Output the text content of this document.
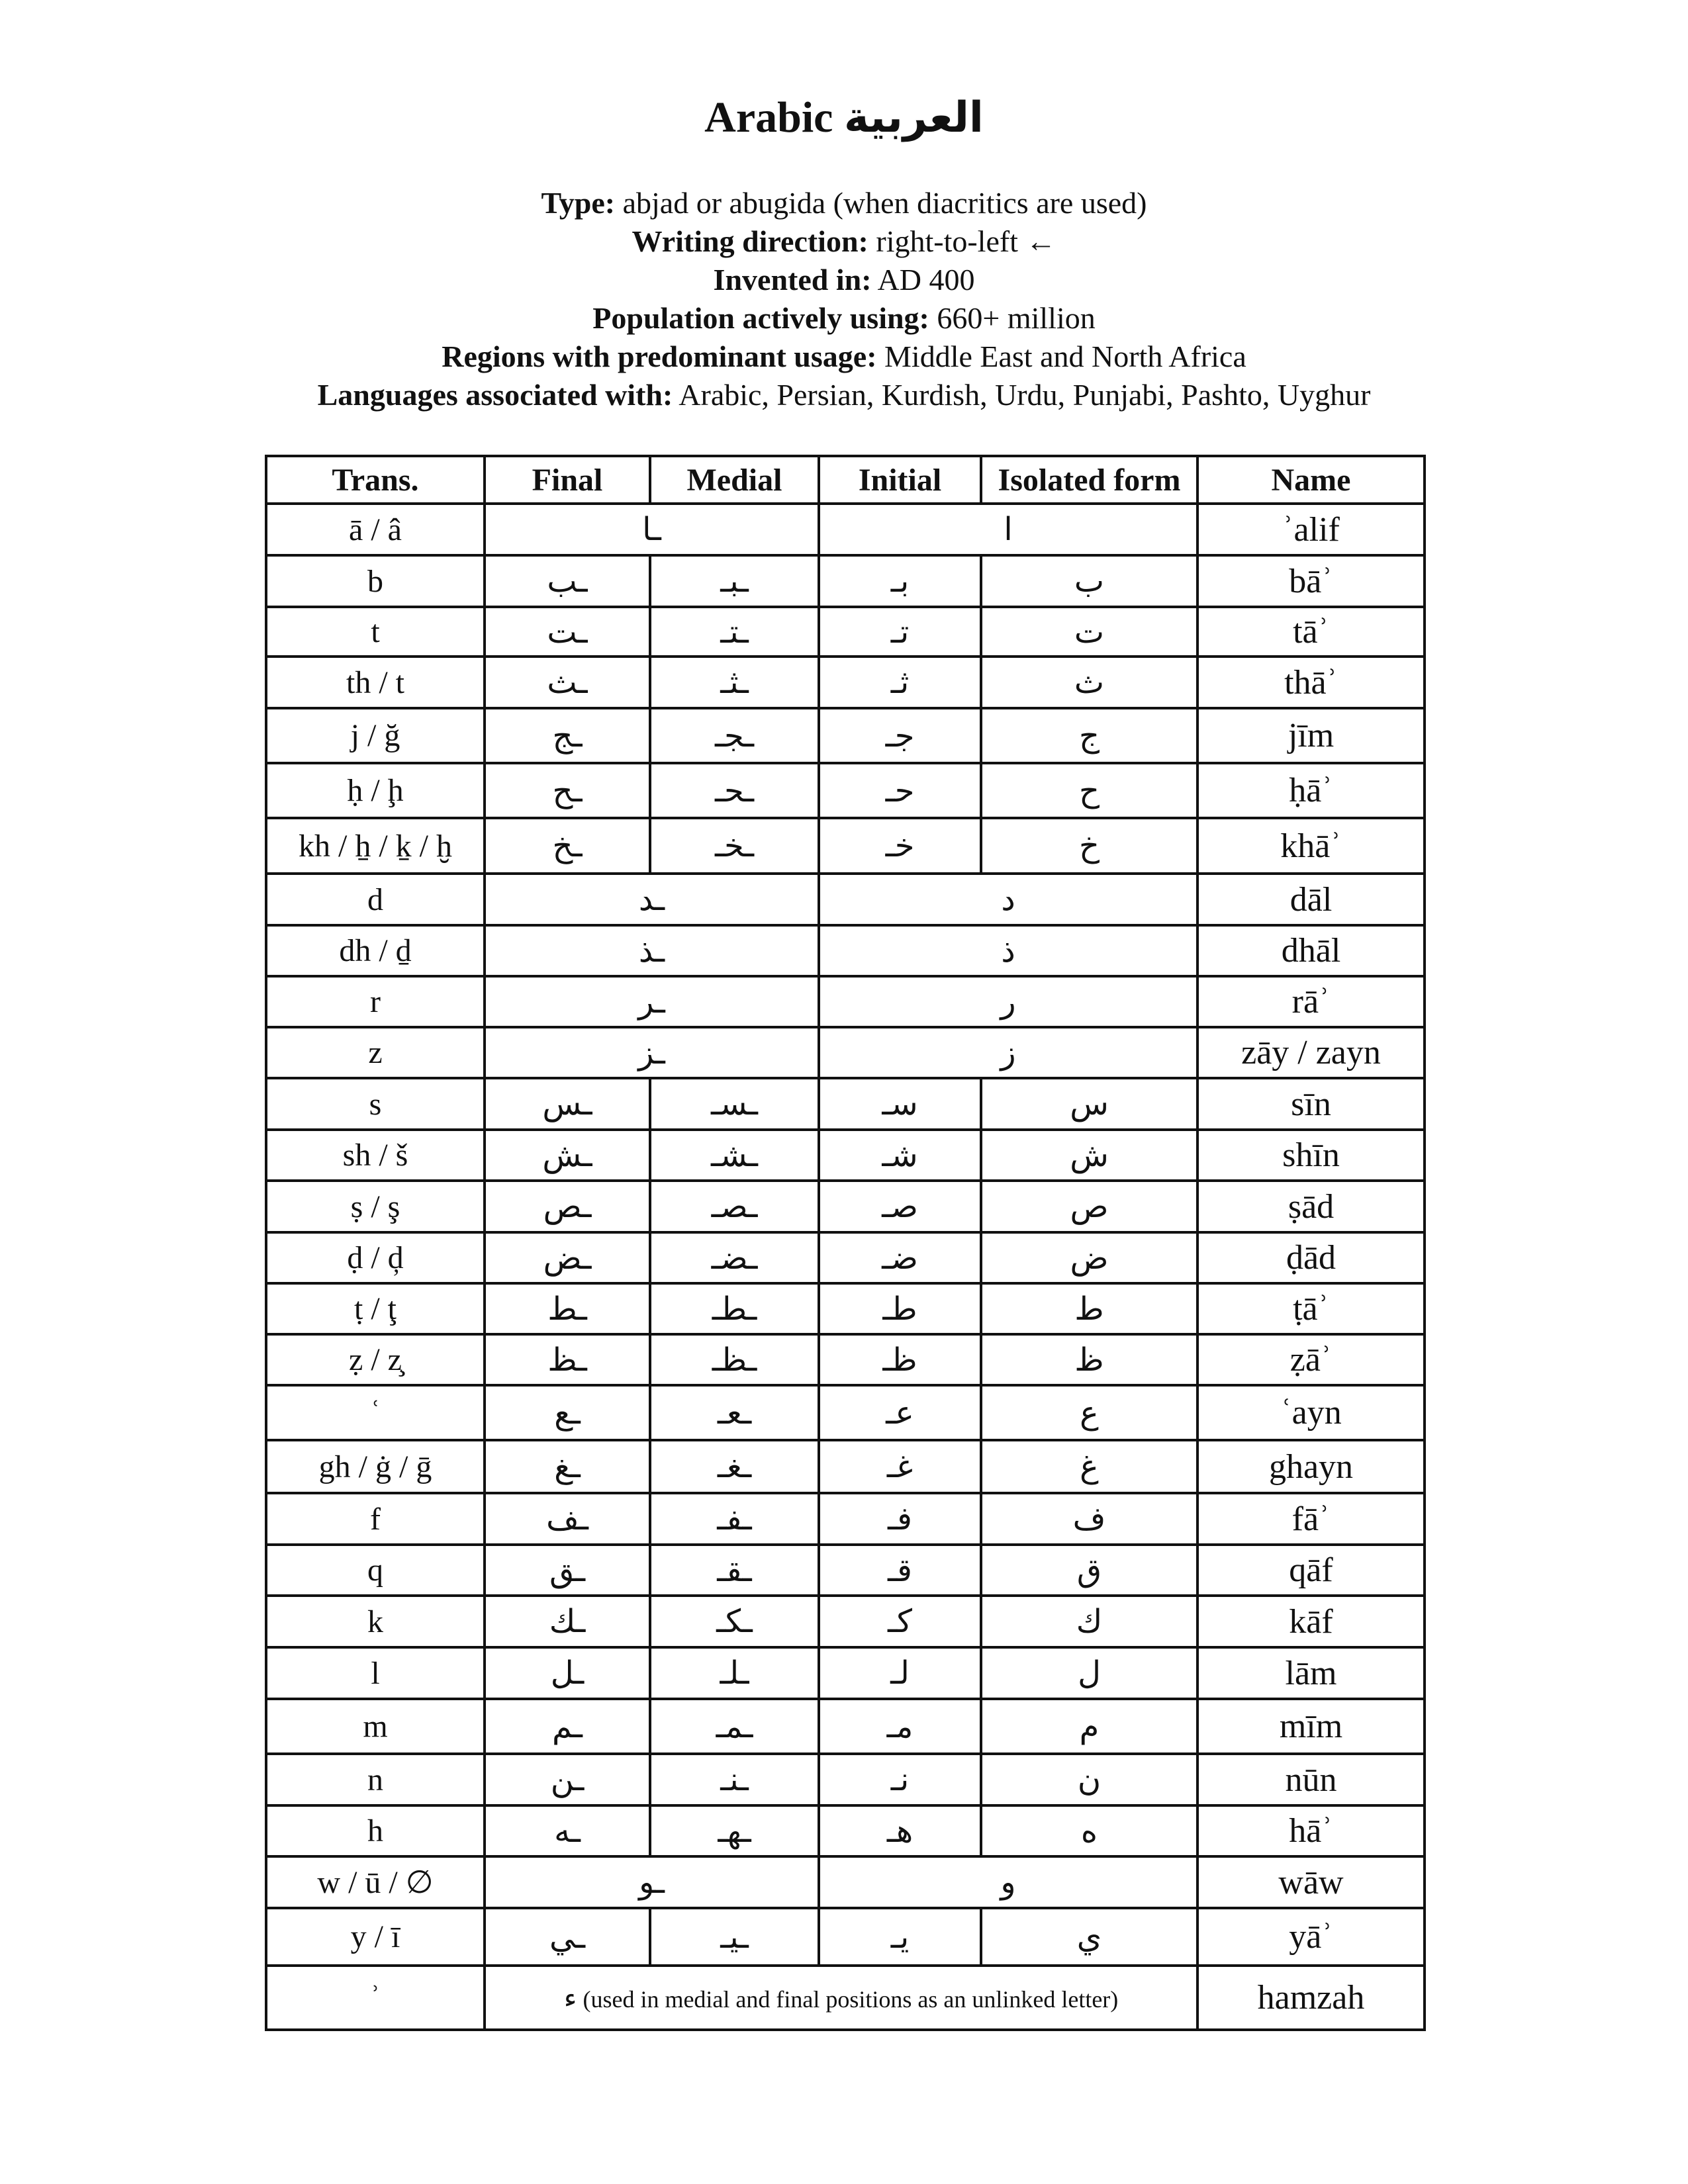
Arabic العربية
Type: abjad or abugida (when diacritics are used)
Writing direction: right-to-left ←
Invented in: AD 400
Population actively using: 660+ million
Regions with predominant usage: Middle East and North Africa
Languages associated with: Arabic, Persian, Kurdish, Urdu, Punjabi, Pashto, Uyghur
Trans.	Final	Medial	Initial	Isolated form	Name
ā / â	ـا		ا		ʾalif
b	ـب	ـبـ	بـ	ب	bāʾ
t	ـت	ـتـ	تـ	ت	tāʾ
th / t	ـث	ـثـ	ثـ	ث	thāʾ
j / ğ	ـج	ـجـ	جـ	ج	jīm
ḥ / ḩ	ـح	ـحـ	حـ	ح	ḥāʾ
kh / ẖ / ḵ / ḫ	ـخ	ـخـ	خـ	خ	khāʾ
d	ـد		د		dāl
dh / ḏ	ـذ		ذ		dhāl
r	ـر		ر		rāʾ
z	ـز		ز		zāy / zayn
s	ـس	ـسـ	سـ	س	sīn
sh / š	ـش	ـشـ	شـ	ش	shīn
ṣ / ş	ـص	ـصـ	صـ	ص	ṣād
ḍ / ḑ	ـض	ـضـ	ضـ	ض	ḍād
ṭ / ţ	ـط	ـطـ	طـ	ط	ṭāʾ
ẓ / z̧	ـظ	ـظـ	ظـ	ظ	ẓāʾ
ʿ	ـع	ـعـ	عـ	ع	ʿayn
gh / ġ / ḡ	ـغ	ـغـ	غـ	غ	ghayn
f	ـف	ـفـ	فـ	ف	fāʾ
q	ـق	ـقـ	قـ	ق	qāf
k	ـك	ـكـ	كـ	ك	kāf
l	ـل	ـلـ	لـ	ل	lām
m	ـم	ـمـ	مـ	م	mīm
n	ـن	ـنـ	نـ	ن	nūn
h	ـه	ـهـ	هـ	ه	hāʾ
w / ū / ∅	ـو		و		wāw
y / ī	ـي	ـيـ	يـ	ي	yāʾ
ʾ	ء (used in medial and final positions as an unlinked letter)				hamzah
